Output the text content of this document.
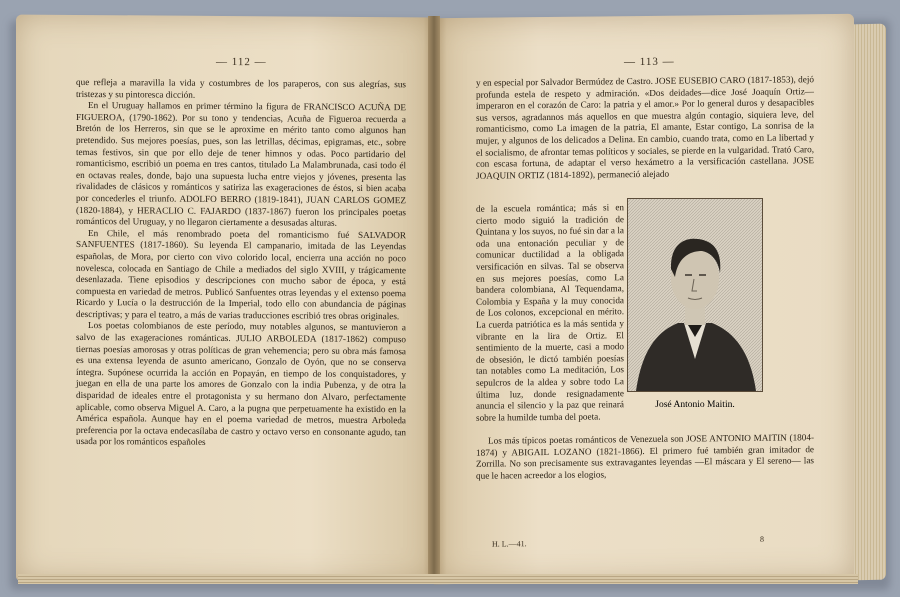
— 112 —

que refleja a maravilla la vida y costumbres de los paraperos, con sus alegrías, sus tristezas y su pintoresca dicción.

En el Uruguay hallamos en primer término la figura de FRANCISCO ACUÑA DE FIGUEROA, (1790-1862). Por su tono y tendencias, Acuña de Figueroa recuerda a Bretón de los Herreros, sin que se le aproxime en mérito tanto como algunos han pretendido. Sus mejores poesías, pues, son las letrillas, décimas, epigramas, etc., sobre temas festivos, sin que por ello deje de tener himnos y odas. Poco partidario del romanticismo, escribió un poema en tres cantos, titulado La Malambrunada, casi todo él en octavas reales, donde, bajo una supuesta lucha entre viejos y jóvenes, presenta las rivalidades de clásicos y románticos y satiriza las exageraciones de éstos, si bien acaba por concederles el triunfo. ADOLFO BERRO (1819-1841), JUAN CARLOS GOMEZ (1820-1884), y HERACLIO C. FAJARDO (1837-1867) fueron los principales poetas románticos del Uruguay, y no llegaron ciertamente a desusadas alturas.

En Chile, el más renombrado poeta del romanticismo fué SALVADOR SANFUENTES (1817-1860). Su leyenda El campanario, imitada de las Leyendas españolas, de Mora, por cierto con vivo colorido local, encierra una acción no poco novelesca, colocada en Santiago de Chile a mediados del siglo XVIII, y trágicamente desenlazada. Tiene episodios y descripciones con mucho sabor de época, y está compuesta en variedad de metros. Publicó Sanfuentes otras leyendas y el extenso poema Ricardo y Lucía o la destrucción de la Imperial, todo ello con abundancia de páginas descriptivas; y para el teatro, a más de varias traducciones escribió tres obras originales.

Los poetas colombianos de este período, muy notables algunos, se mantuvieron a salvo de las exageraciones románticas. JULIO ARBOLEDA (1817-1862) compuso tiernas poesías amorosas y otras políticas de gran vehemencia; pero su obra más famosa es una extensa leyenda de asunto americano, Gonzalo de Oyón, que no se conserva íntegra. Supónese ocurrida la acción en Popayán, en tiempo de los conquistadores, y juegan en ella de una parte los amores de Gonzalo con la india Pubenza, y de otra la disparidad de ideales entre el protagonista y su hermano don Alvaro, perfectamente aplicable, como observa Miguel A. Caro, a la pugna que perpetuamente ha existido en la América española. Aunque hay en el poema variedad de metros, muestra Arboleda preferencia por la octava endecasílaba de castro y octavo verso en consonante agudo, tan usada por los románticos españoles

— 113 —

y en especial por Salvador Bermúdez de Castro. JOSE EUSEBIO CARO (1817-1853), dejó profunda estela de respeto y admiración. «Dos deidades—dice José Joaquín Ortiz—imperaron en el corazón de Caro: la patria y el amor.» Por lo general duros y desapacibles sus versos, agradannos más aquellos en que muestra algún contagio, siquiera leve, del romanticismo, como La imagen de la patria, El amante, Estar contigo, La sonrisa de la mujer, y algunos de los delicados a Delina. En cambio, cuando trata, como en La libertad y el socialismo, de afrontar temas políticos y sociales, se pierde en la vulgaridad. Trató Caro, con escasa fortuna, de adaptar el verso hexámetro a la versificación castellana. JOSE JOAQUIN ORTIZ (1814-1892), permaneció alejado

de la escuela romántica; más si en cierto modo siguió la tradición de Quintana y los suyos, no fué sin dar a la oda una entonación peculiar y de comunicar ductilidad a la obligada versificación en silvas. Tal se observa en sus mejores poesías, como La bandera colombiana, Al Tequendama, Colombia y España y la muy conocida de Los colonos, excepcional en mérito. La cuerda patriótica es la más sentida y vibrante en la lira de Ortiz. El sentimiento de la muerte, casi a modo de obsesión, le dictó también poesías tan notables como La meditación, Los sepulcros de la aldea y sobre todo La última luz, donde resignadamente anuncia el silencio y la paz que reinará sobre la humilde tumba del poeta.

Los más típicos poetas románticos de Venezuela son JOSE ANTONIO MAITIN (1804-1874) y ABIGAIL LOZANO (1821-1866). El primero fué también gran imitador de Zorrilla. No son precisamente sus extravagantes leyendas —El máscara y El sereno— las que le hacen acreedor a los elogios,

H. L.—41.	8
José Antonio Maitin.
